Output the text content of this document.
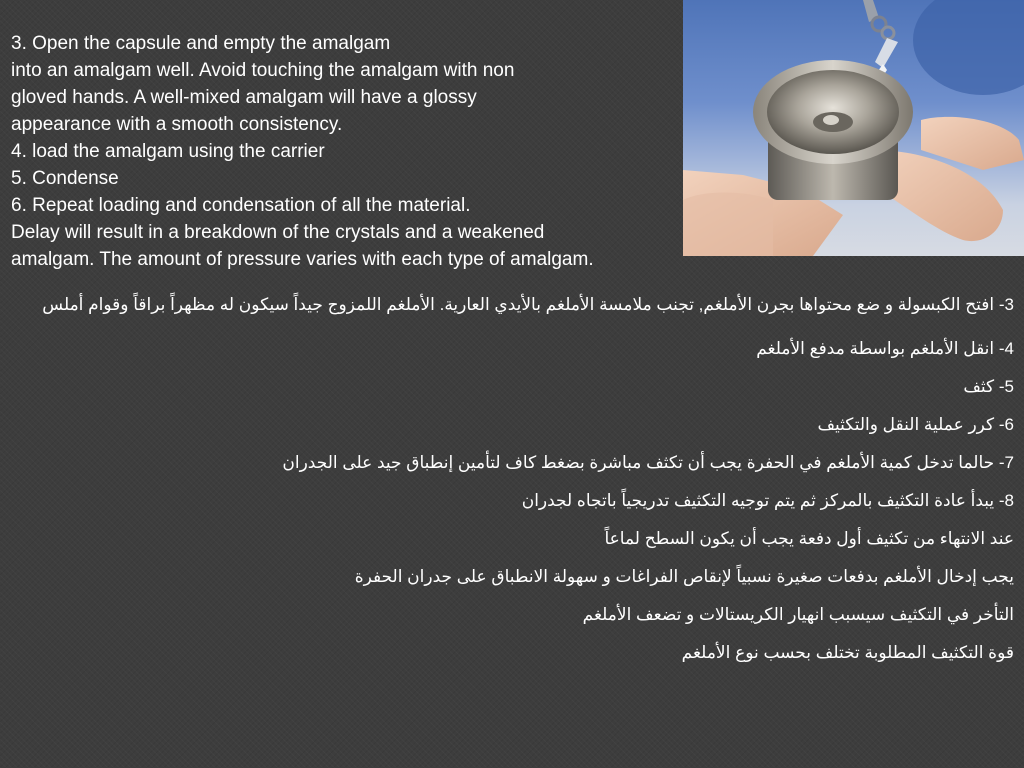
3. Open the capsule and empty the amalgam
into an amalgam well. Avoid touching the amalgam with non
gloved hands. A well-mixed amalgam will have a glossy
appearance with a smooth consistency.
4. load the amalgam using the carrier
5. Condense
6. Repeat loading and condensation of all the material.
Delay will result in a breakdown of the crystals and a weakened
amalgam. The amount of pressure varies with each type of amalgam.

3- افتح الكبسولة و ضع محتواها بجرن الأملغم, تجنب ملامسة الأملغم بالأيدي العارية. الأملغم اللمزوج جيداً سيكون له مظهراً براقاً وقوام أملس

4- انقل الأملغم بواسطة مدفع الأملغم

5- كثف

6- كرر عملية النقل والتكثيف

7- حالما تدخل كمية الأملغم في الحفرة يجب أن تكثف مباشرة بضغط كاف لتأمين إنطباق جيد على الجدران

8- يبدأ عادة التكثيف بالمركز ثم يتم توجيه التكثيف تدريجياً باتجاه لجدران

عند الانتهاء من تكثيف أول دفعة يجب أن يكون السطح لماعاً

يجب إدخال الأملغم بدفعات صغيرة نسبياً لإنقاص الفراغات و سهولة الانطباق على جدران الحفرة

التأخر في التكثيف سيسبب انهيار الكريستالات و تضعف الأملغم

قوة التكثيف المطلوبة تختلف بحسب نوع الأملغم
